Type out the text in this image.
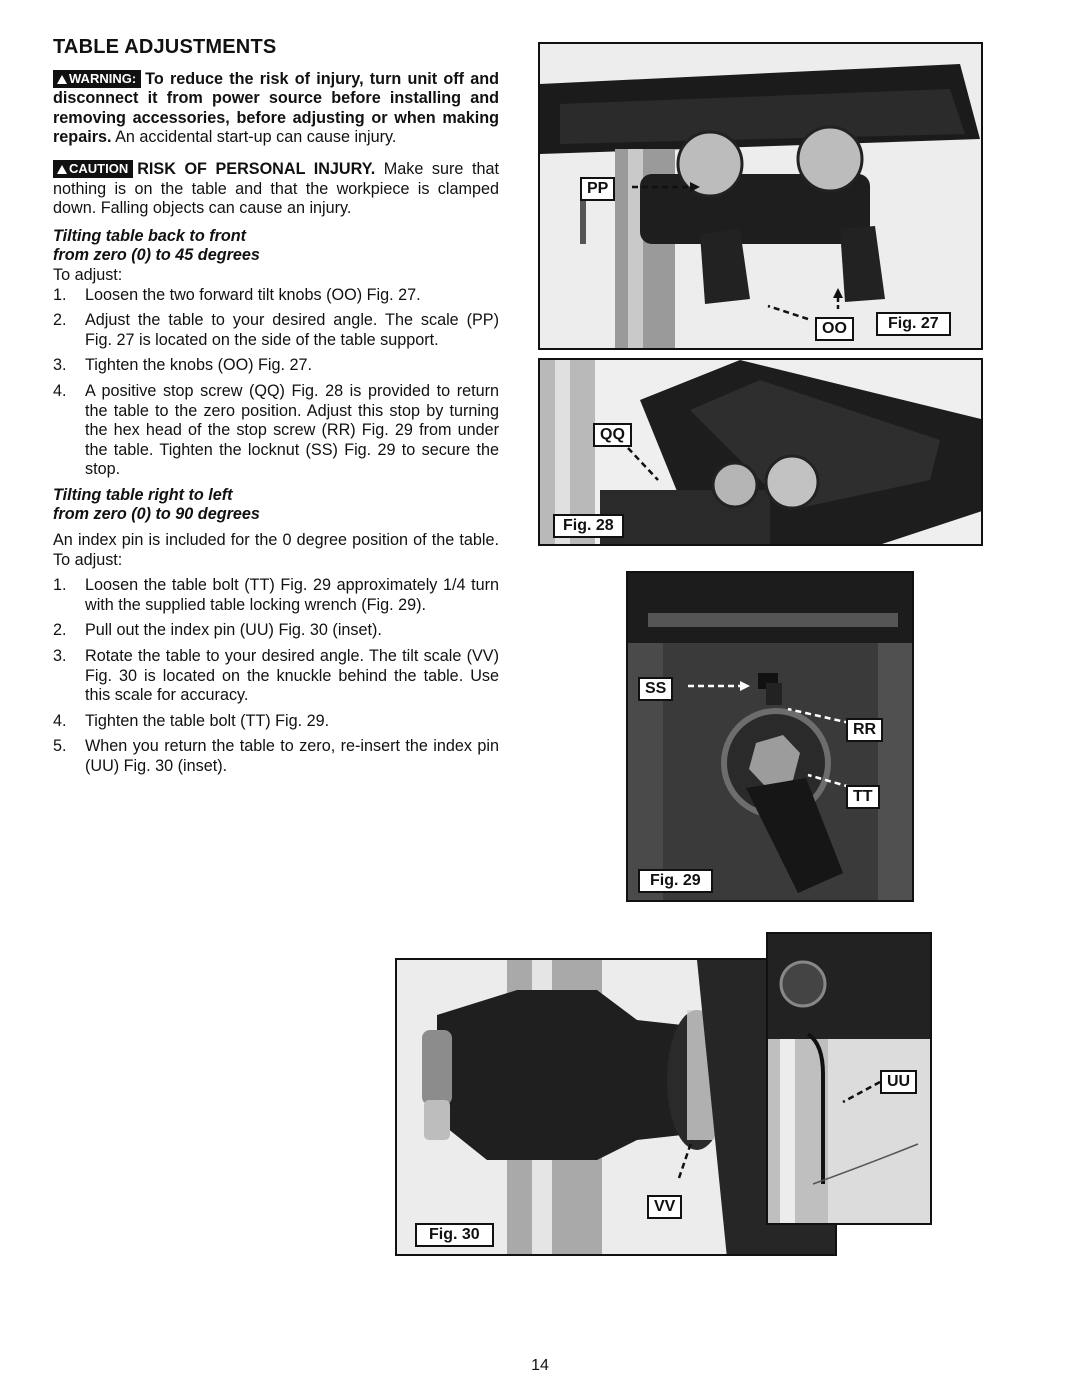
TABLE ADJUSTMENTS

WARNING: To reduce the risk of injury, turn unit off and disconnect it from power source before installing and removing accessories, before adjusting or when making repairs. An accidental start-up can cause injury.

CAUTION RISK OF PERSONAL INJURY. Make sure that nothing is on the table and that the workpiece is clamped down. Falling objects can cause an injury.

Tilting table back to front
from zero (0) to 45 degrees
To adjust:
1. Loosen the two forward tilt knobs (OO) Fig. 27.
2. Adjust the table to your desired angle. The scale (PP) Fig. 27 is located on the side of the table support.
3. Tighten the knobs (OO) Fig. 27.
4. A positive stop screw (QQ) Fig. 28 is provided to return the table to the zero position. Adjust this stop by turning the hex head of the stop screw (RR) Fig. 29 from under the table. Tighten the locknut (SS) Fig. 29 to secure the stop.
Tilting table right to left
from zero (0) to 90 degrees

An index pin is included for the 0 degree position of the table. To adjust:

1. Loosen the table bolt (TT) Fig. 29 approximately 1/4 turn with the supplied table locking wrench (Fig. 29).
2. Pull out the index pin (UU) Fig. 30 (inset).
3. Rotate the table to your desired angle. The tilt scale (VV) Fig. 30 is located on the knuckle behind the table. Use this scale for accuracy.
4. Tighten the table bolt (TT) Fig. 29.
5. When you return the table to zero, re-insert the index pin (UU) Fig. 30 (inset).
PP
OO	Fig. 27
QQ
Fig. 28
SS
RR
TT
Fig. 29
VV
Fig. 30
UU
14
